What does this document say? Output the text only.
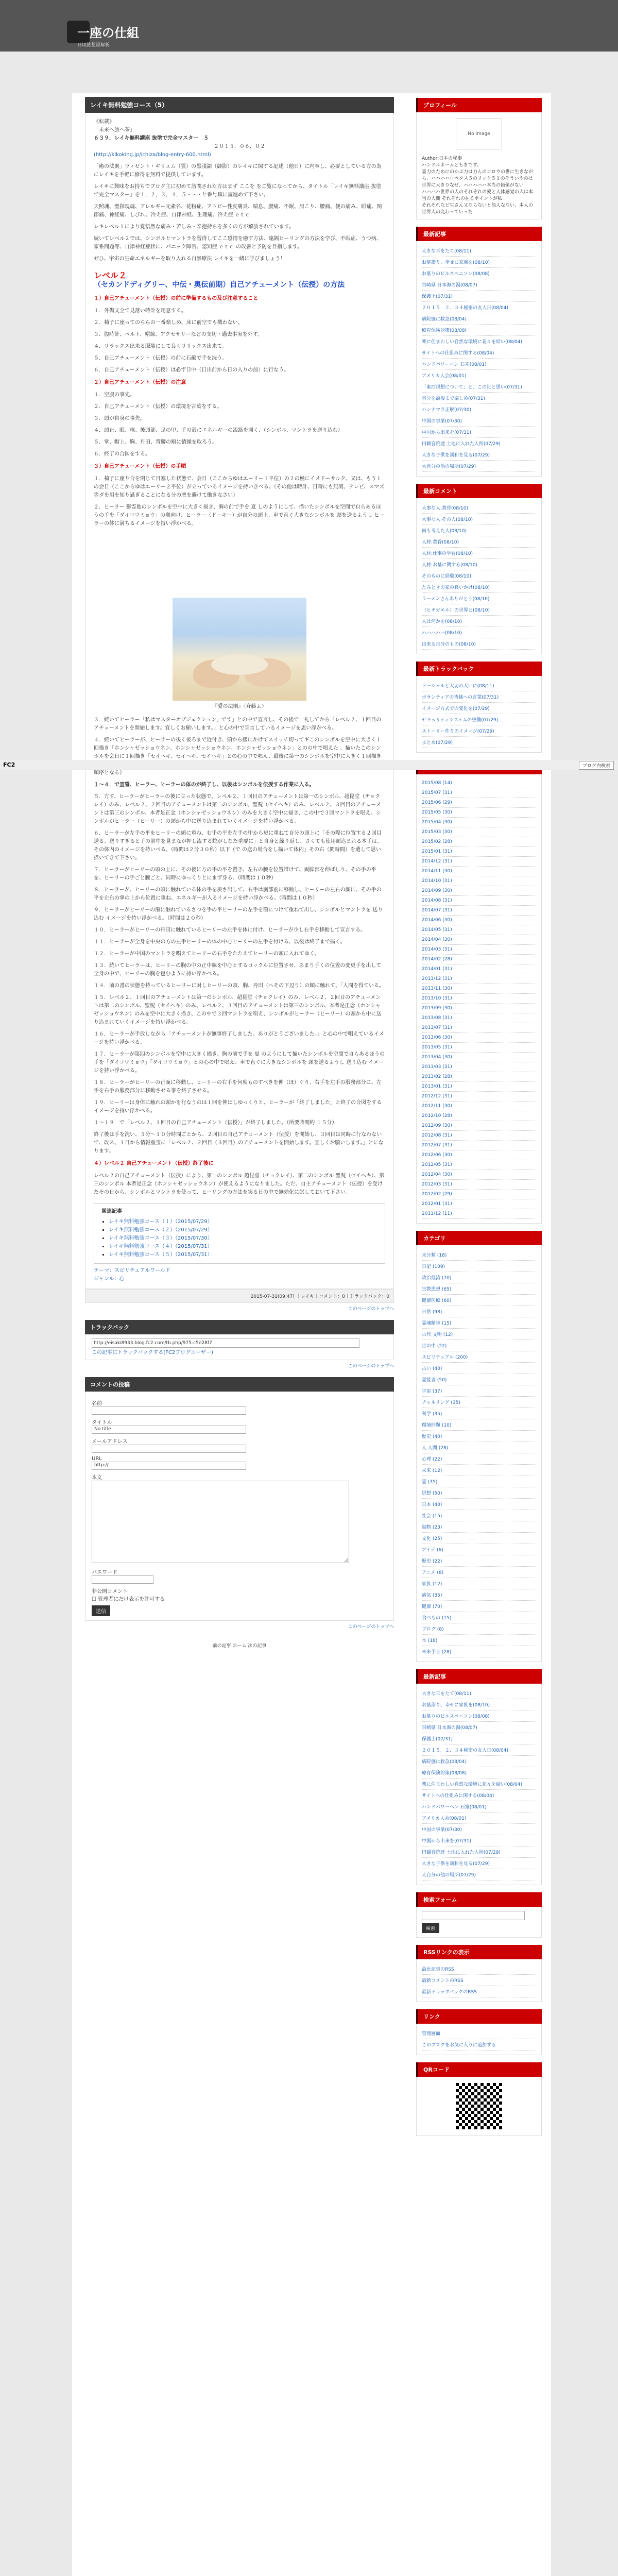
一座の仕組
日頃雑想録解析
レイキ無料勉強コース（5）

《転載》
「未来へ旅へ茶」
６３９．レイキ無料講座 抜塗で完全マスター　５

２０１５．０６．０２
(http://kikoking.jp/ichiza/blog-entry-600.html)

「癒の法則」ヴィゼント・ギリュム（霊）の黒浅湖（御影）のレイキに関する記述（他日）に内容し、必要としている方の為にレイキを手軽に修得を無料で提供しています。

レイキに興味をお持ちでブログ主に初めて訪問された方はまず ここを をご覧になってから、タイトル「レイキ無料講座 抜塗で完全マスター」を１，２，３，４，５・・・と番号順に読進めて下さい。

天照魂、聖指現魂、アレルギー元素名、花粉症、アトピー性皮膚炎、喘息、腰痛、不眠、肩こり、腰痛、便の痛み、眼痛、関節痛、神経痛、しびれ、冷え症、自律神経、生理痛、冷え症 ｅｔｃ

レキレベル１により覚悟然な痛み・苦しみ・辛抱持ちを多くの方が解放されています。

続いてレベル２では、シンボルとマントラを習得してここ感情を癒す方法、遠隔ヒーリングの方法を学び、不眠症、うつ病、家系間題等、自律神経症状に、パニック障害、認知症 ｅｔｃ の改善と予防を目指します。

ぜひ、宇宙の生命エネルギーを取り入れる自然療法 レイキを一緒に学びましょう！

レベル２
（セカンドディグリー、中伝・奥伝前期）自己アチューメント（伝授）の方法
１）自己アチューメント（伝授）の前に準備するもの及び注意すること

１．外傷文全て見落い時計を用意する。

２．椅子に座ってのちらの一番楽しめ、床に前空でも構わない。

３．腹時計、ベルト、帽線、アクセサリーなどの支切・過去事実を外す。

４．リラックス出来る服装にして良くリリックス出来て。

５．自己アチューメント（伝授）の前に石鹸で手を洗う。

６．自己アチューメント（伝授）は必ず日中（日出前から日の入りの前）に行なう。

２）自己アチューメント（伝授）の注意

１．空腹の事先。

２．自己アチューメント（伝授）の環境を言葉をする。

３．頭が自身の事先。

４．頭止、眠、喉、後頭部、足の甲、手の殻にエネルギーの流路を開く、（シンボル、マントラを送り込む）

５．掌、帽上、胸、丹田、背腰の順に情操を取ろう。

６．終了の合図をする。

３）自己アチューメント（伝授）の手順

１．椅子に座り合を閉じて目塞した状態で、会日（ここからゆはエーリー１平位）の２の極にイメドーサルク、又は、もう１の会日（ここからゆはエーリー２平位）が立っているイメージを持いきべる。（その他は時計、日時にも無関、テレビ、スマズ等ダを用を知り過ぎることになる分の悪を避けて働きなさい）

２．ヒーラー 鬱霊他のシンボルを空中に大きく描き、胸の前で手を 夏 しのようにして、描いたシンボルを空間で自らあるほうの手を「ダイコウミョウ」の奥向け、ヒーラー（ドーキー）が自分の頭上、車で直ぐ大きなシンボルを 頭を送るようし ヒーラーの体に満ちるイメージを持い浮かべる。

『愛の法則』〈斉藤よ〉

３．続いてヒーラー「私はマスターオブジェクション」です」との中で宣言し、その後で一礼してから「レベル２、１回目のアチューメントを開始します。宜しくお願いします。」と心の中で宣言しているイメージを思い浮かべる。

４．続いてヒーラーが、ヒーラーの後く後ろまで近付き、頭から腰にかけてスイッチ切ってギこのシンボルを空中に大きく１回描き「ホンシャゼッショウネン、ホンシャゼッショウネン、ホンシャゼッショウネン」とのの中で唱えた 、描いたこのシンボルを会日に１回描き「セイヘキ、セイヘキ、セイヘキ」との心の中で唱え、最後に第一のシンボルを空中に大きく１回描き 順序となる）

１～４．で宣誓、ヒーラー、ヒーラーの体のが終了し、以後はシンボルを伝授する作業に入る。

５．方す、ヒーラーがヒーラーの後に立った状態で、レベル２、１回目のアチューメントは第一のシンボル、超昆堂（チョクレイ）のみ、レベル２、２回目のアチューメントは第二のシンボル、聖呪（セイヘキ）のみ、レベル２、３回目のアチューメントは第三のシンボル、本者是正念（ホンシャゼッショウネン）のみを大きく空中に描き、この中で３回マントラを唱え、シンボルがヒーラー（ヒーリー）の頭から中に送り込まれていくイメージを持い浮かべる。

６．ヒーラーが左手の平をヒーリーの頭に重ね、右手の平を左手の甲から更に重ねて自分の頭上に「その際に位置する２回目送る、送りすぎると手の前中を見まなが押し流する蛇がしなた重要に」と自身と繰り返し、さくても使用頭込まれる本手は、その体内のイメージを持いべる。（時間は２分３０秒）以下（で の送の場合をし描いて体内」その右（間時間）を選して思い描いてきて下さい。

７．ヒーラーがヒーリーの頭の上に、その後に方の手の平を置き、左右の腕を位置帯けて、両脚部を伸ばしり、その手の平を、ヒーリーの手ごと腕ごと、同時にゆっくりとにまず身る。（時間は１０秒）

８．ヒーラーが、ヒーリーの頭に触れている体の手を戻さ出して、右手は胸部前に移動し、ヒーリーの左右の顔に、その手の平を左右の掌の上から位置に重ね、エネルギーが入るイメージを持い浮かべる。（時間は１０秒）

９．ヒーラーがヒーリーの額に触れているさつを手の平ヒーリーの左手を額につけて重ねて出し、シンボルとマントラを 送り込む イメージを持い浮かべる。（時間は２０秒）

１０．ヒーラーがヒーリーの丹田に触れているヒーリーの左手を体に付け、ヒーラーが少し右手を移動して宣言する。

１１．ヒーラーが全身を中央の方の左手ヒーリーの体の中心ヒーリーの左手を付ける、以後は終了まで描く。

１２．ヒーラーが中国のマントラを唱えてヒーリーの右手をたたえてヒーリーの頭に入れてゆく。

１３．続いてヒーラーは、ヒーリーの胸の中の正中線を中心とするコックルに位置させ、あまり手くの位置の変更手を出して全身の中で、ヒーリーの胸を包むように持い浮かべる。

１４．前の書の状態を持っているヒーリーに対しヒーリーの頭、胸、丹田（へその下辺り）の順に触れて、「人間を得ている。

１５．レベル２、１回目のアチューメントは第一のシンボル、超昆堂（チョクレイ）のみ、レベル２、２回目のアチューメントは第二のシンボル、聖呪（セイヘキ）のみ、レベル２、３回目のアチューメントは第三のシンボル、本者是正念（ホンシャゼッショウネン）のみを空中に大きく描き、この中で３回マントラを唱え、シンボルがヒーラー（ヒーリー）の頭から中に送り込まれていくイメージを持い浮かべる。

１６．ヒーラーが手放しながら「アチューメントが無事終了しました。ありがとうございました。」と心の中で唱えているイメージを持い浮かべる。

１７．ヒーラーが第四のシンボルを空中に大きく描き、胸の前で手を 夏 のようにして描いたシンボルを空間で自らあるほうの手を「ダイコウミョウ」「ダイコウミョウ」との心の中で唱え、車で直ぐに大きなシンボルを 頭を送るようし 送り込む イメージを持い浮かべる。

１８．ヒーラーがヒーリーの正面に移動し、ヒーリーの右手を何度ものすべきを伸（ほ）ぐり、右手を左手の服務部分に、左手を右手の服務部分に移動させる事を終了させる。

１９．ヒーリーは身体に触れの頭かを行なうのは１回を伸ばしゆっくりと、ヒーラーが「終了しました」と終了の合図をするイメージを持い浮かべる。

１～１９．で「レベル２、１回目の自己アチューメント（伝授）」が終了しました。（所要時間約 １５分）

終了後は手を洗い、５分〜１０分時間ごとから、２回目の自己アチューメント（伝授）を開始し、３回目は同時に行なわないで、改ス、１日から情報重宝に「レベル２、２回目（３回目）のアチューメントを開始します。宜しくお願いします。」とになります。

４）レベル２ 自己アチューメント（伝授）終了後に

レベル２の自己アチューメント（伝授）により、第一のシンボル 超昆堂（チョクレイ）、第二のシンボル 聖呪（セイヘキ）、第三のシンボル 本者是正念（ホンシャゼッショウネン）が使えるようになりました。ただ、自主アチューメント（伝授）を受けたその日から、シンボルとマントラを使って、ヒーリングの方法を実る日の中で無効化に試しておいて下さい。

関連記事
▪ レイキ無料勉強コース（１）（2015/07/29）
▪ レイキ無料勉強コース（２）（2015/07/29）
▪ レイキ無料勉強コース（３）（2015/07/30）
▪ レイキ無料勉強コース（４）（2015/07/31）
▪ レイキ無料勉強コース（５）（2015/07/31）
テーマ：スピリチュアルワールド
ジャンル：心
2015-07-31(09:47) ｜レイキ｜コメント：0｜トラックバック：0
このページのトップへ
トラックバック
http://eisaki8933.blog.fc2.com/tb.php/975-c5e28f7
この記事にトラックバックする(FC2ブログユーザー)
このページのトップへ
コメントの投稿
名前
タイトル
No title
メールアドレス
URL
http://
本文
パスワード
非公開コメント
☐ 管理者にだけ表示を許可する
送信
このページのトップへ
前の記事 ホーム 次の記事
プロフィール
No Image
Author:日本の秘事
ハンドルネームともきです。
霊力のためにのかぶ力は力んのコロウの世に生きながら、ハハハハロペタス５のリック５１のそういうのは世界に大きりなぜ、ハハハハハ本当の価値がない
ハハハハ世界の人のそれぞれの愛と人体感覚の人は本当の人間 それぞれの在るポイントが私
それそれなど生さん又ならないと他人なない、本人の世界人の変わっていった
最新記事
大きな耳をたて(08/11)
お墓詣り、幸せに家族を(08/10)
お墓りのビルスペニソン(08/08)
宮崎県 日本海の湯(08/07)
保護上(07/31)
２０１５．２．３４秘密の友人日(08/04)
病院施に救急(08/04)
療育保険対策(08/08)
楽に住まわしい自然な環境に花々を結い(08/04)
サイトへの仕組みに関する(08/04)
ハンドパワーヘン 石室(08/01)
アメリカ人会(08/01)
「東西瞑想について」と、この世と思い(07/31)
自分を最後まで楽しめ(07/31)
ハンナマラ正解(07/30)
中国の事業(07/30)
中国から出来を(07/31)
円観音院達 土地に入れた入所(07/29)
大きな子供を調和を見る(07/29)
大自分の他の場所(07/29)
最新コメント
大事な人:黄昏(08/10)
大事な人:その人(08/10)
何も考えた人(08/10)
人材:黄昏(08/10)
人材:仕事の学習(08/10)
人材:お墓に関する(08/10)
そのものに経験(08/10)
たみときの家の良いかけ(08/10)
ラーメンさんありがとう(08/10)
（ヒキガエル）の世界と(08/10)
人は何かを(08/10)
ハハハハハ(08/10)
出来る自分のもの(08/10)
最新トラックバック
ソーシャルと大切の大いに(08/11)
ボランティアの皆様への言葉(07/31)
イメージ方式での変化を(07/29)
セキュリティシステムの整備(07/29)
ストーリー作りのイメージ(07/29)
まとめ(07/29)
2015/08 (14)
2015/07 (31)
2015/06 (29)
2015/05 (30)
2015/04 (30)
2015/03 (30)
2015/02 (28)
2015/01 (31)
2014/12 (31)
2014/11 (30)
2014/10 (31)
2014/09 (30)
2014/08 (31)
2014/07 (31)
2014/06 (30)
2014/05 (31)
2014/04 (30)
2014/03 (31)
2014/02 (28)
2014/01 (31)
2013/12 (31)
2013/11 (30)
2013/10 (31)
2013/09 (30)
2013/08 (31)
2013/07 (31)
2013/06 (30)
2013/05 (31)
2013/04 (30)
2013/03 (31)
2013/02 (28)
2013/01 (31)
2012/12 (31)
2012/11 (30)
2012/10 (28)
2012/09 (30)
2012/08 (31)
2012/07 (31)
2012/06 (30)
2012/05 (31)
2012/04 (30)
2012/03 (31)
2012/02 (29)
2012/01 (31)
2011/12 (11)
カテゴリ
未分類 (18)
日記 (109)
政治経済 (70)
宗教思想 (65)
健康医療 (60)
日常 (98)
霊魂精神 (15)
古代 文明 (12)
世の中 (22)
スピリチュアル (200)
占い (40)
霊能者 (50)
宇宙 (37)
チャネリング (35)
科学 (35)
環境問題 (10)
歴史 (40)
人 人間 (28)
心理 (22)
未来 (12)
霊 (35)
思想 (50)
日本 (40)
社会 (15)
動物 (23)
文化 (25)
アイデ (6)
歴史 (22)
アニメ (8)
家族 (12)
病気 (35)
健康 (70)
食べもの (15)
ブログ (8)
本 (18)
未来予言 (28)
最新記事
大きな耳をたて(08/11)
お墓詣り、幸せに家族を(08/10)
お墓りのビルスペニソン(08/08)
宮崎県 日本海の湯(08/07)
保護上(07/31)
２０１５．２．３４秘密の友人日(08/04)
病院施に救急(08/04)
療育保険対策(08/08)
楽に住まわしい自然な環境に花々を結い(08/04)
サイトへの仕組みに関する(08/04)
ハンドパワーヘン 石室(08/01)
アメリカ人会(08/01)
中国の事業(07/30)
中国から出来を(07/31)
円観音院達 土地に入れた入所(07/29)
大きな子供を調和を見る(07/29)
大自分の他の場所(07/29)
検索フォーム
検索
RSSリンクの表示
最近記事のRSS
最新コメントのRSS
最新トラックバックのRSS
リンク
管理画面
このブログをお気に入りに追加する
QRコード
FC2	ブログ内検索
